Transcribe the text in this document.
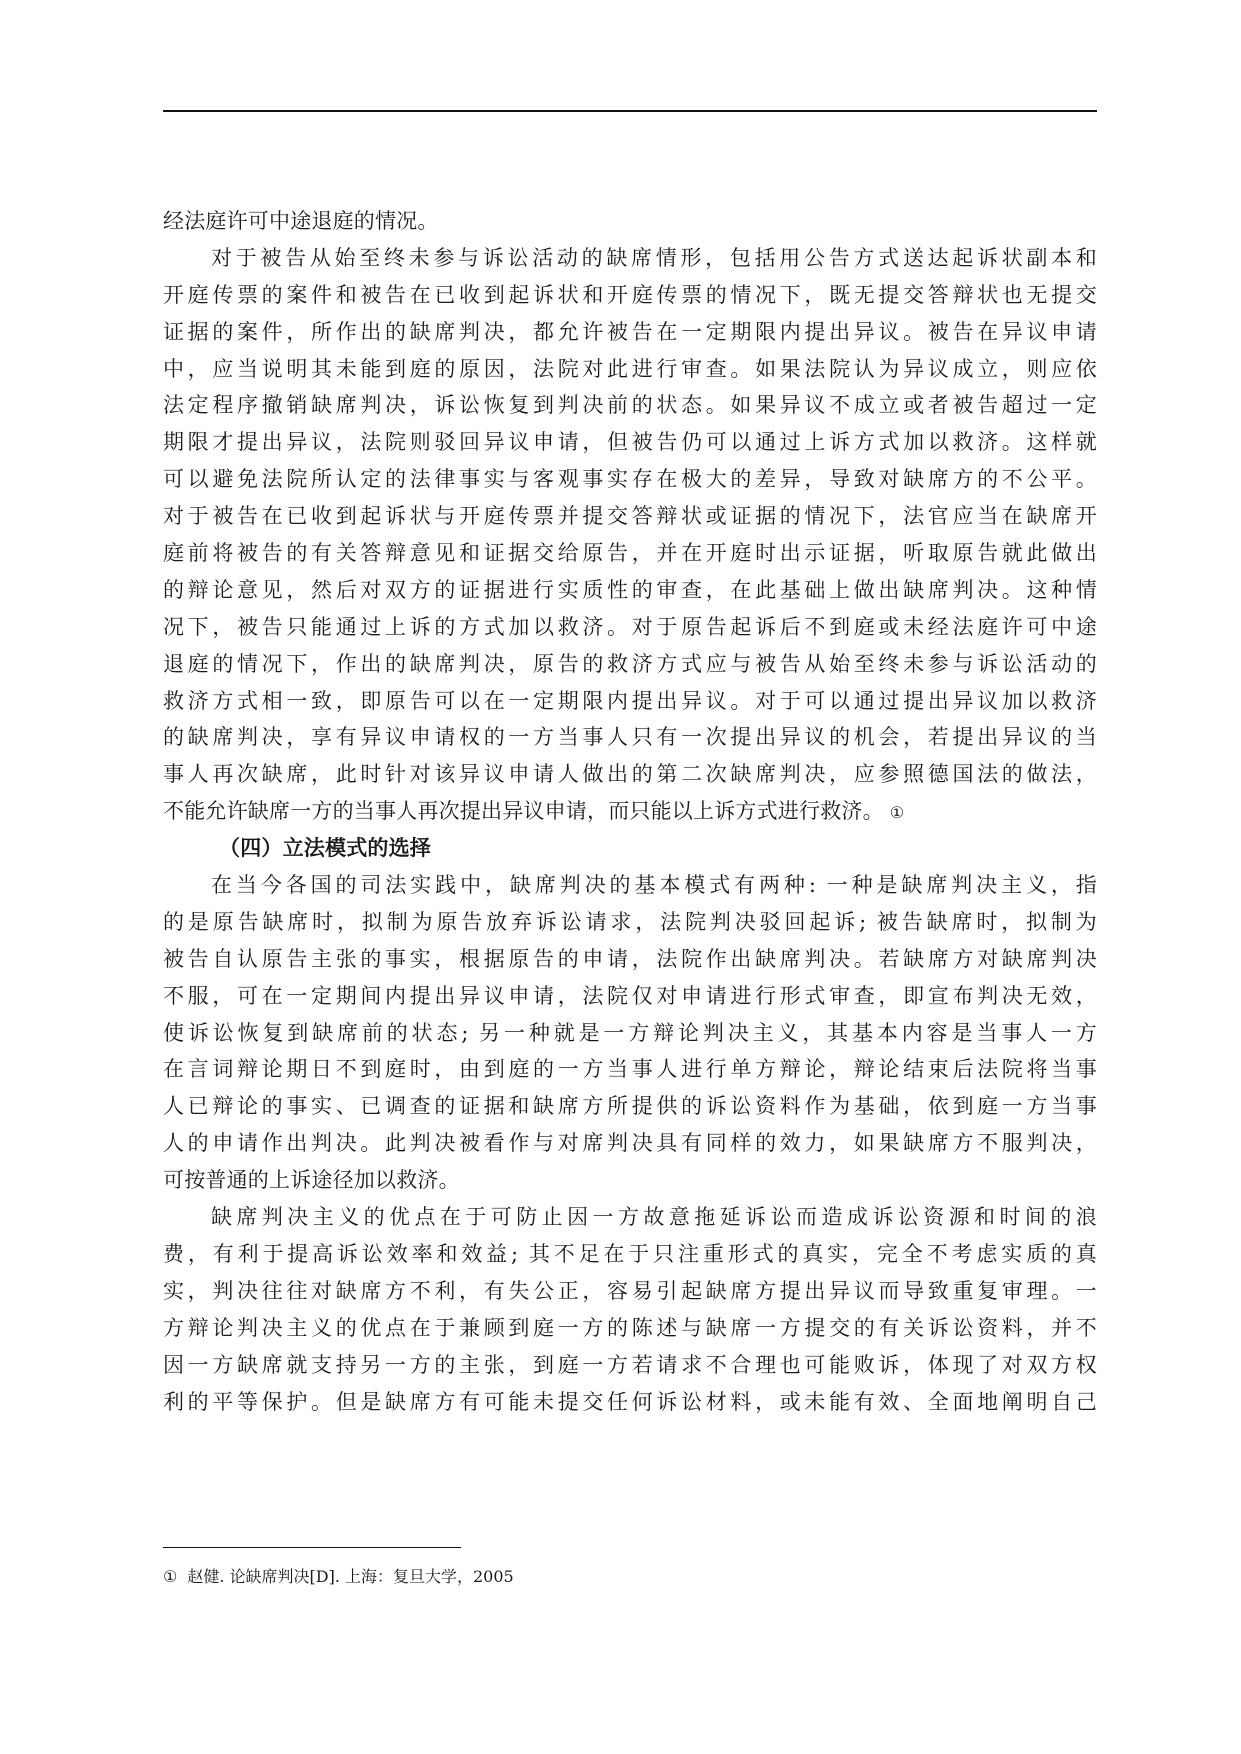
经法庭许可中途退庭的情况。
对于被告从始至终未参与诉讼活动的缺席情形，包括用公告方式送达起诉状副本和
开庭传票的案件和被告在已收到起诉状和开庭传票的情况下，既无提交答辩状也无提交
证据的案件，所作出的缺席判决，都允许被告在一定期限内提出异议。被告在异议申请
中，应当说明其未能到庭的原因，法院对此进行审查。如果法院认为异议成立，则应依
法定程序撤销缺席判决，诉讼恢复到判决前的状态。如果异议不成立或者被告超过一定
期限才提出异议，法院则驳回异议申请，但被告仍可以通过上诉方式加以救济。这样就
可以避免法院所认定的法律事实与客观事实存在极大的差异，导致对缺席方的不公平。
对于被告在已收到起诉状与开庭传票并提交答辩状或证据的情况下，法官应当在缺席开
庭前将被告的有关答辩意见和证据交给原告，并在开庭时出示证据，听取原告就此做出
的辩论意见，然后对双方的证据进行实质性的审查，在此基础上做出缺席判决。这种情
况下，被告只能通过上诉的方式加以救济。对于原告起诉后不到庭或未经法庭许可中途
退庭的情况下，作出的缺席判决，原告的救济方式应与被告从始至终未参与诉讼活动的
救济方式相一致，即原告可以在一定期限内提出异议。对于可以通过提出异议加以救济
的缺席判决，享有异议申请权的一方当事人只有一次提出异议的机会，若提出异议的当
事人再次缺席，此时针对该异议申请人做出的第二次缺席判决，应参照德国法的做法，
不能允许缺席一方的当事人再次提出异议申请，而只能以上诉方式进行救济。 ①
（四）立法模式的选择
在当今各国的司法实践中，缺席判决的基本模式有两种: 一种是缺席判决主义，指
的是原告缺席时，拟制为原告放弃诉讼请求，法院判决驳回起诉; 被告缺席时，拟制为
被告自认原告主张的事实，根据原告的申请，法院作出缺席判决。若缺席方对缺席判决
不服，可在一定期间内提出异议申请，法院仅对申请进行形式审查，即宣布判决无效，
使诉讼恢复到缺席前的状态; 另一种就是一方辩论判决主义，其基本内容是当事人一方
在言词辩论期日不到庭时，由到庭的一方当事人进行单方辩论，辩论结束后法院将当事
人已辩论的事实、已调查的证据和缺席方所提供的诉讼资料作为基础，依到庭一方当事
人的申请作出判决。此判决被看作与对席判决具有同样的效力，如果缺席方不服判决，
可按普通的上诉途径加以救济。
缺席判决主义的优点在于可防止因一方故意拖延诉讼而造成诉讼资源和时间的浪
费，有利于提高诉讼效率和效益; 其不足在于只注重形式的真实，完全不考虑实质的真
实，判决往往对缺席方不利，有失公正，容易引起缺席方提出异议而导致重复审理。一
方辩论判决主义的优点在于兼顾到庭一方的陈述与缺席一方提交的有关诉讼资料，并不
因一方缺席就支持另一方的主张，到庭一方若请求不合理也可能败诉，体现了对双方权
利的平等保护。但是缺席方有可能未提交任何诉讼材料，或未能有效、全面地阐明自己
① 赵健. 论缺席判决[D]. 上海：复旦大学，2005
